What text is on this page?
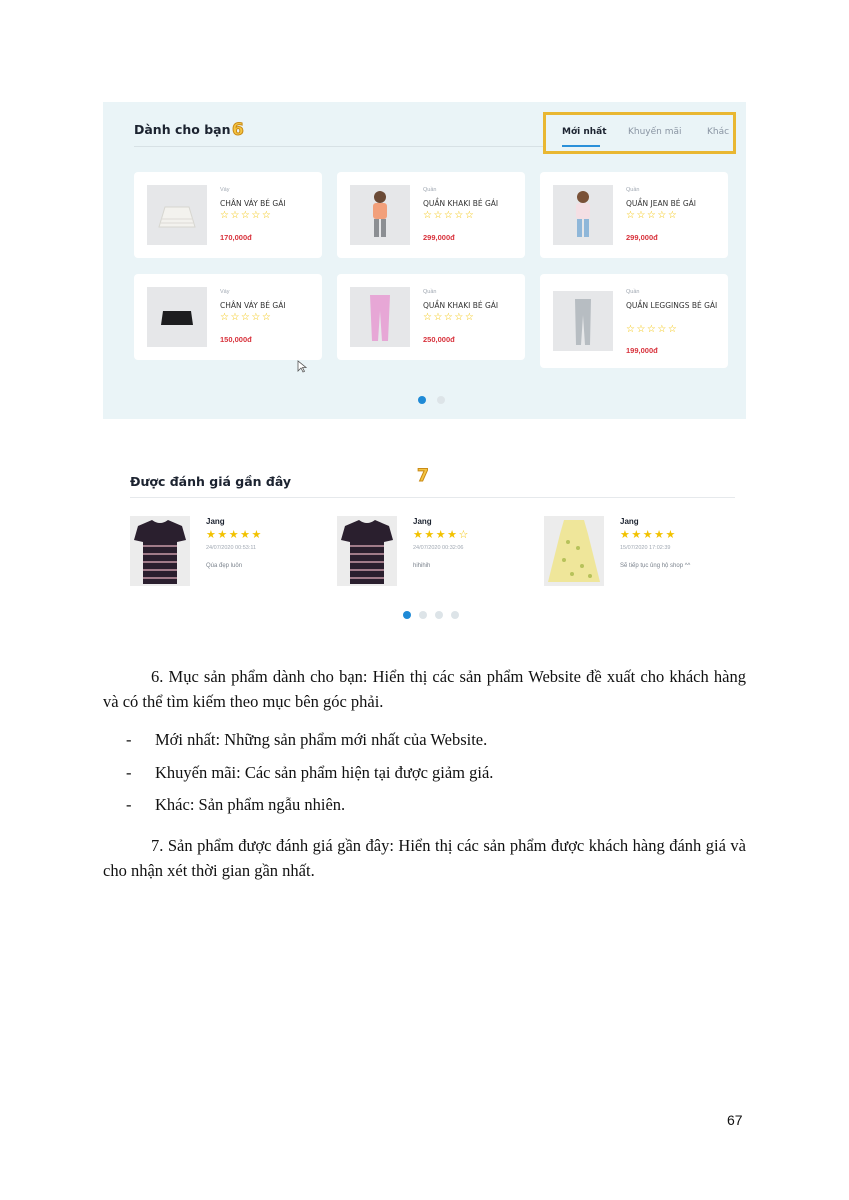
Dành cho bạn 6	Mới nhất Khuyến mãi	Khác
Váy
CHÂN VÁY BÉ GÁI
☆☆☆☆☆
170,000đ
Quần
QUẦN KHAKI BÉ GÁI
☆☆☆☆☆
299,000đ
Quần
QUẦN JEAN BÉ GÁI
☆☆☆☆☆
299,000đ
Váy
CHÂN VÁY BÉ GÁI
☆☆☆☆☆
150,000đ
Quần
QUẦN KHAKI BÉ GÁI
☆☆☆☆☆
250,000đ
Quần
QUẦN LEGGINGS BÉ GÁI
☆☆☆☆☆
199,000đ
Được đánh giá gần đây	7
Jang
★★★★★
24/07/2020 00:53:11
Qúa đẹp luôn
Jang
★★★★☆
24/07/2020 00:32:06
hihihih
Jang
★★★★★
15/07/2020 17:02:39
Sẽ tiếp tục ủng hộ shop ^^
6. Mục sản phẩm dành cho bạn: Hiển thị các sản phẩm Website đề xuất cho khách hàng và có thể tìm kiếm theo mục bên góc phải.
- Mới nhất: Những sản phẩm mới nhất của Website.
- Khuyến mãi: Các sản phẩm hiện tại được giảm giá.
- Khác: Sản phẩm ngẫu nhiên.
7. Sản phẩm được đánh giá gần đây: Hiển thị các sản phẩm được khách hàng đánh giá và cho nhận xét thời gian gần nhất.
67
